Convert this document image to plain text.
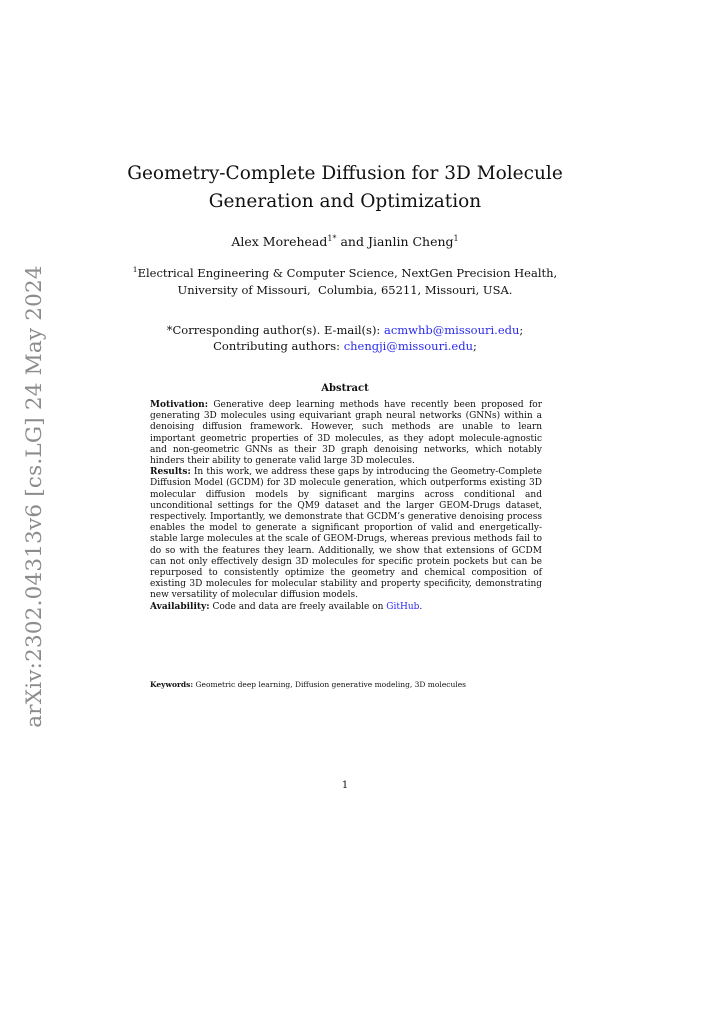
arXiv:2302.04313v6 [cs.LG] 24 May 2024
Geometry-Complete Diffusion for 3D Molecule
Generation and Optimization
Alex Morehead$^{1*}$ and Jianlin Cheng$^1$
$^1$Electrical Engineering & Computer Science, NextGen Precision Health,
University of Missouri,  Columbia, 65211, Missouri, USA.
*Corresponding author(s). E-mail(s): acmwhb@missouri.edu;
Contributing authors: chengji@missouri.edu;
Abstract

Motivation: Generative deep learning methods have recently been proposed for generating 3D molecules using equivariant graph neural networks (GNNs) within a denoising diffusion framework. However, such methods are unable to learn important geometric properties of 3D molecules, as they adopt molecule-agnostic and non-geometric GNNs as their 3D graph denoising networks, which notably hinders their ability to generate valid large 3D molecules.

Results: In this work, we address these gaps by introducing the Geometry-Complete Diffusion Model (GCDM) for 3D molecule generation, which outperforms existing 3D molecular diffusion models by significant margins across conditional and unconditional settings for the QM9 dataset and the larger GEOM-Drugs dataset, respectively. Importantly, we demonstrate that GCDM’s generative denoising process enables the model to generate a significant proportion of valid and energetically-stable large molecules at the scale of GEOM-Drugs, whereas previous methods fail to do so with the features they learn. Additionally, we show that extensions of GCDM can not only effectively design 3D molecules for specific protein pockets but can be repurposed to consistently optimize the geometry and chemical composition of existing 3D molecules for molecular stability and property specificity, demonstrating new versatility of molecular diffusion models.

Availability: Code and data are freely available on GitHub.

Keywords: Geometric deep learning, Diffusion generative modeling, 3D molecules
1
